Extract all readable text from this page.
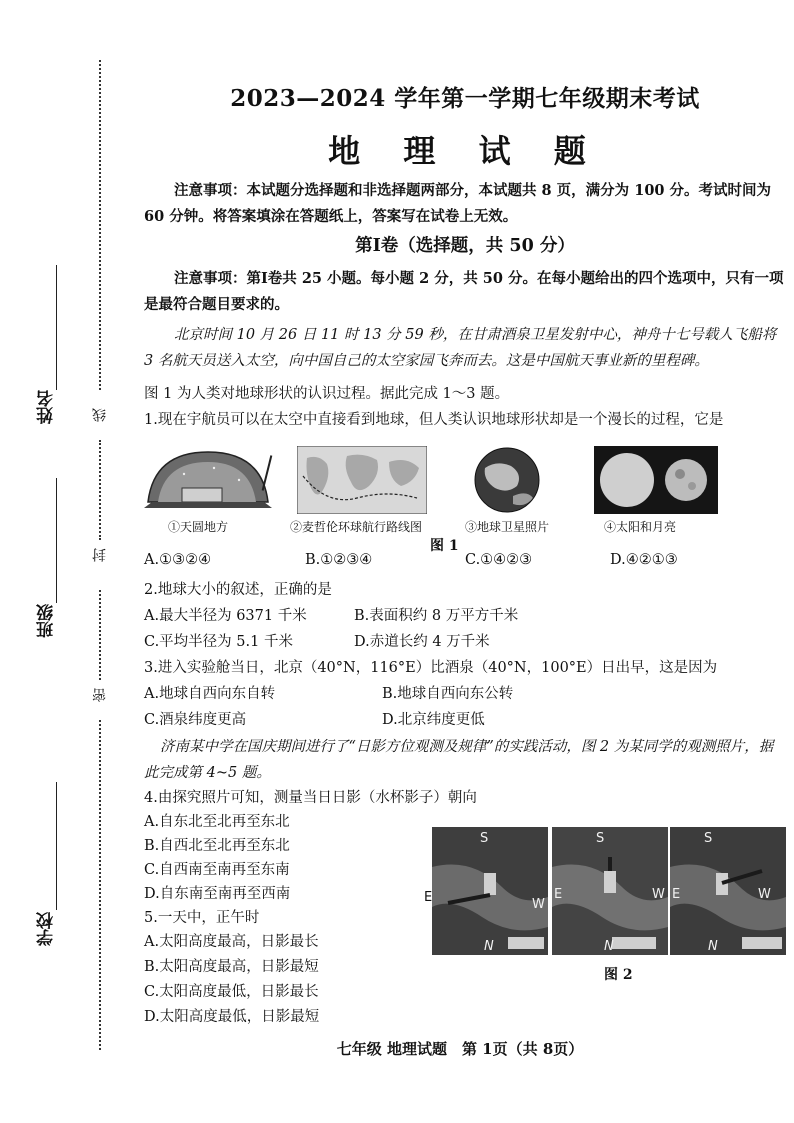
线
封
密
姓名
班级
学校
2023—2024 学年第一学期七年级期末考试
地 理 试 题
注意事项：本试题分选择题和非选择题两部分，本试题共 8 页，满分为 100 分。考试时间为 60 分钟。将答案填涂在答题纸上，答案写在试卷上无效。
第Ⅰ卷（选择题，共 50 分）
注意事项：第Ⅰ卷共 25 小题。每小题 2 分，共 50 分。在每小题给出的四个选项中，只有一项是最符合题目要求的。
北京时间 10 月 26 日 11 时 13 分 59 秒，在甘肃酒泉卫星发射中心，神舟十七号载人飞船将 3 名航天员送入太空，向中国自己的太空家园飞奔而去。这是中国航天事业新的里程碑。
图 1 为人类对地球形状的认识过程。据此完成 1～3 题。
1.现在宇航员可以在太空中直接看到地球，但人类认识地球形状却是一个漫长的过程，它是
①天圆地方	②麦哲伦环球航行路线图	③地球卫星照片	④太阳和月亮
图 1
A.①③②④	B.①②③④	C.①④②③	D.④②①③
2.地球大小的叙述，正确的是
A.最大半径为 6371 千米	B.表面积约 8 万平方千米
C.平均半径为 5.1 千米	D.赤道长约 4 万千米
3.进入实验舱当日，北京（40°N，116°E）比酒泉（40°N，100°E）日出早，这是因为
A.地球自西向东自转	B.地球自西向东公转
C.酒泉纬度更高	D.北京纬度更低
济南某中学在国庆期间进行了“日影方位观测及规律”的实践活动，图 2 为某同学的观测照片，据此完成第 4~5 题。
4.由探究照片可知，测量当日日影（水杯影子）朝向
A.自东北至北再至东北
B.自西北至北再至东北
C.自西南至南再至东南
D.自东南至南再至西南
5.一天中，正午时
A.太阳高度最高，日影最长
B.太阳高度最高，日影最短
C.太阳高度最低，日影最长
D.太阳高度最低，日影最短
S
W
N
E
S
E	W
N
S
E	W
N
图 2
七年级 地理试题　第 1页（共 8页）
